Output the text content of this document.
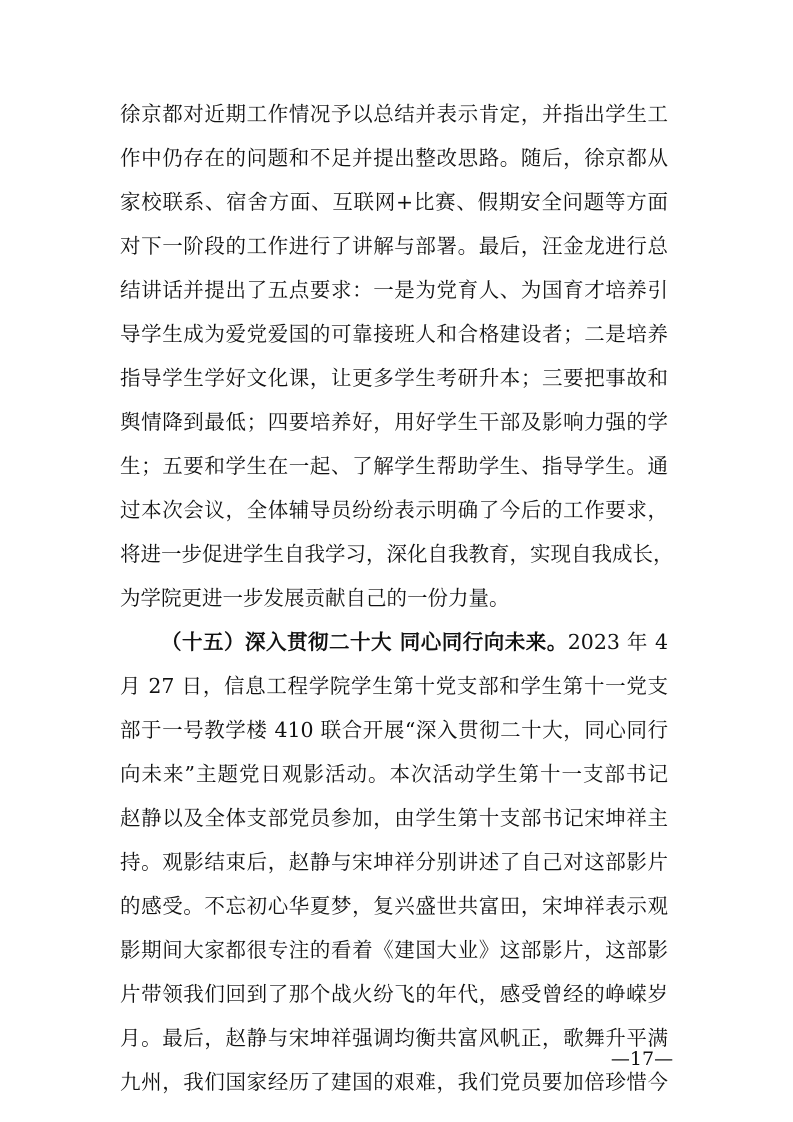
徐京都对近期工作情况予以总结并表示肯定，并指出学生工
作中仍存在的问题和不足并提出整改思路。随后，徐京都从
家校联系、宿舍方面、互联网+比赛、假期安全问题等方面
对下一阶段的工作进行了讲解与部署。最后，汪金龙进行总
结讲话并提出了五点要求：一是为党育人、为国育才培养引
导学生成为爱党爱国的可靠接班人和合格建设者；二是培养
指导学生学好文化课，让更多学生考研升本；三要把事故和
舆情降到最低；四要培养好，用好学生干部及影响力强的学
生；五要和学生在一起、了解学生帮助学生、指导学生。通
过本次会议，全体辅导员纷纷表示明确了今后的工作要求，
将进一步促进学生自我学习，深化自我教育，实现自我成长，
为学院更进一步发展贡献自己的一份力量。
（十五）深入贯彻二十大 同心同行向未来。2023 年 4
月 27 日，信息工程学院学生第十党支部和学生第十一党支
部于一号教学楼 410 联合开展“深入贯彻二十大，同心同行
向未来”主题党日观影活动。本次活动学生第十一支部书记
赵静以及全体支部党员参加，由学生第十支部书记宋坤祥主
持。观影结束后，赵静与宋坤祥分别讲述了自己对这部影片
的感受。不忘初心华夏梦，复兴盛世共富田，宋坤祥表示观
影期间大家都很专注的看着《建国大业》这部影片，这部影
片带领我们回到了那个战火纷飞的年代，感受曾经的峥嵘岁
月。最后，赵静与宋坤祥强调均衡共富风帆正，歌舞升平满
九州，我们国家经历了建国的艰难，我们党员要加倍珍惜今
—17—
